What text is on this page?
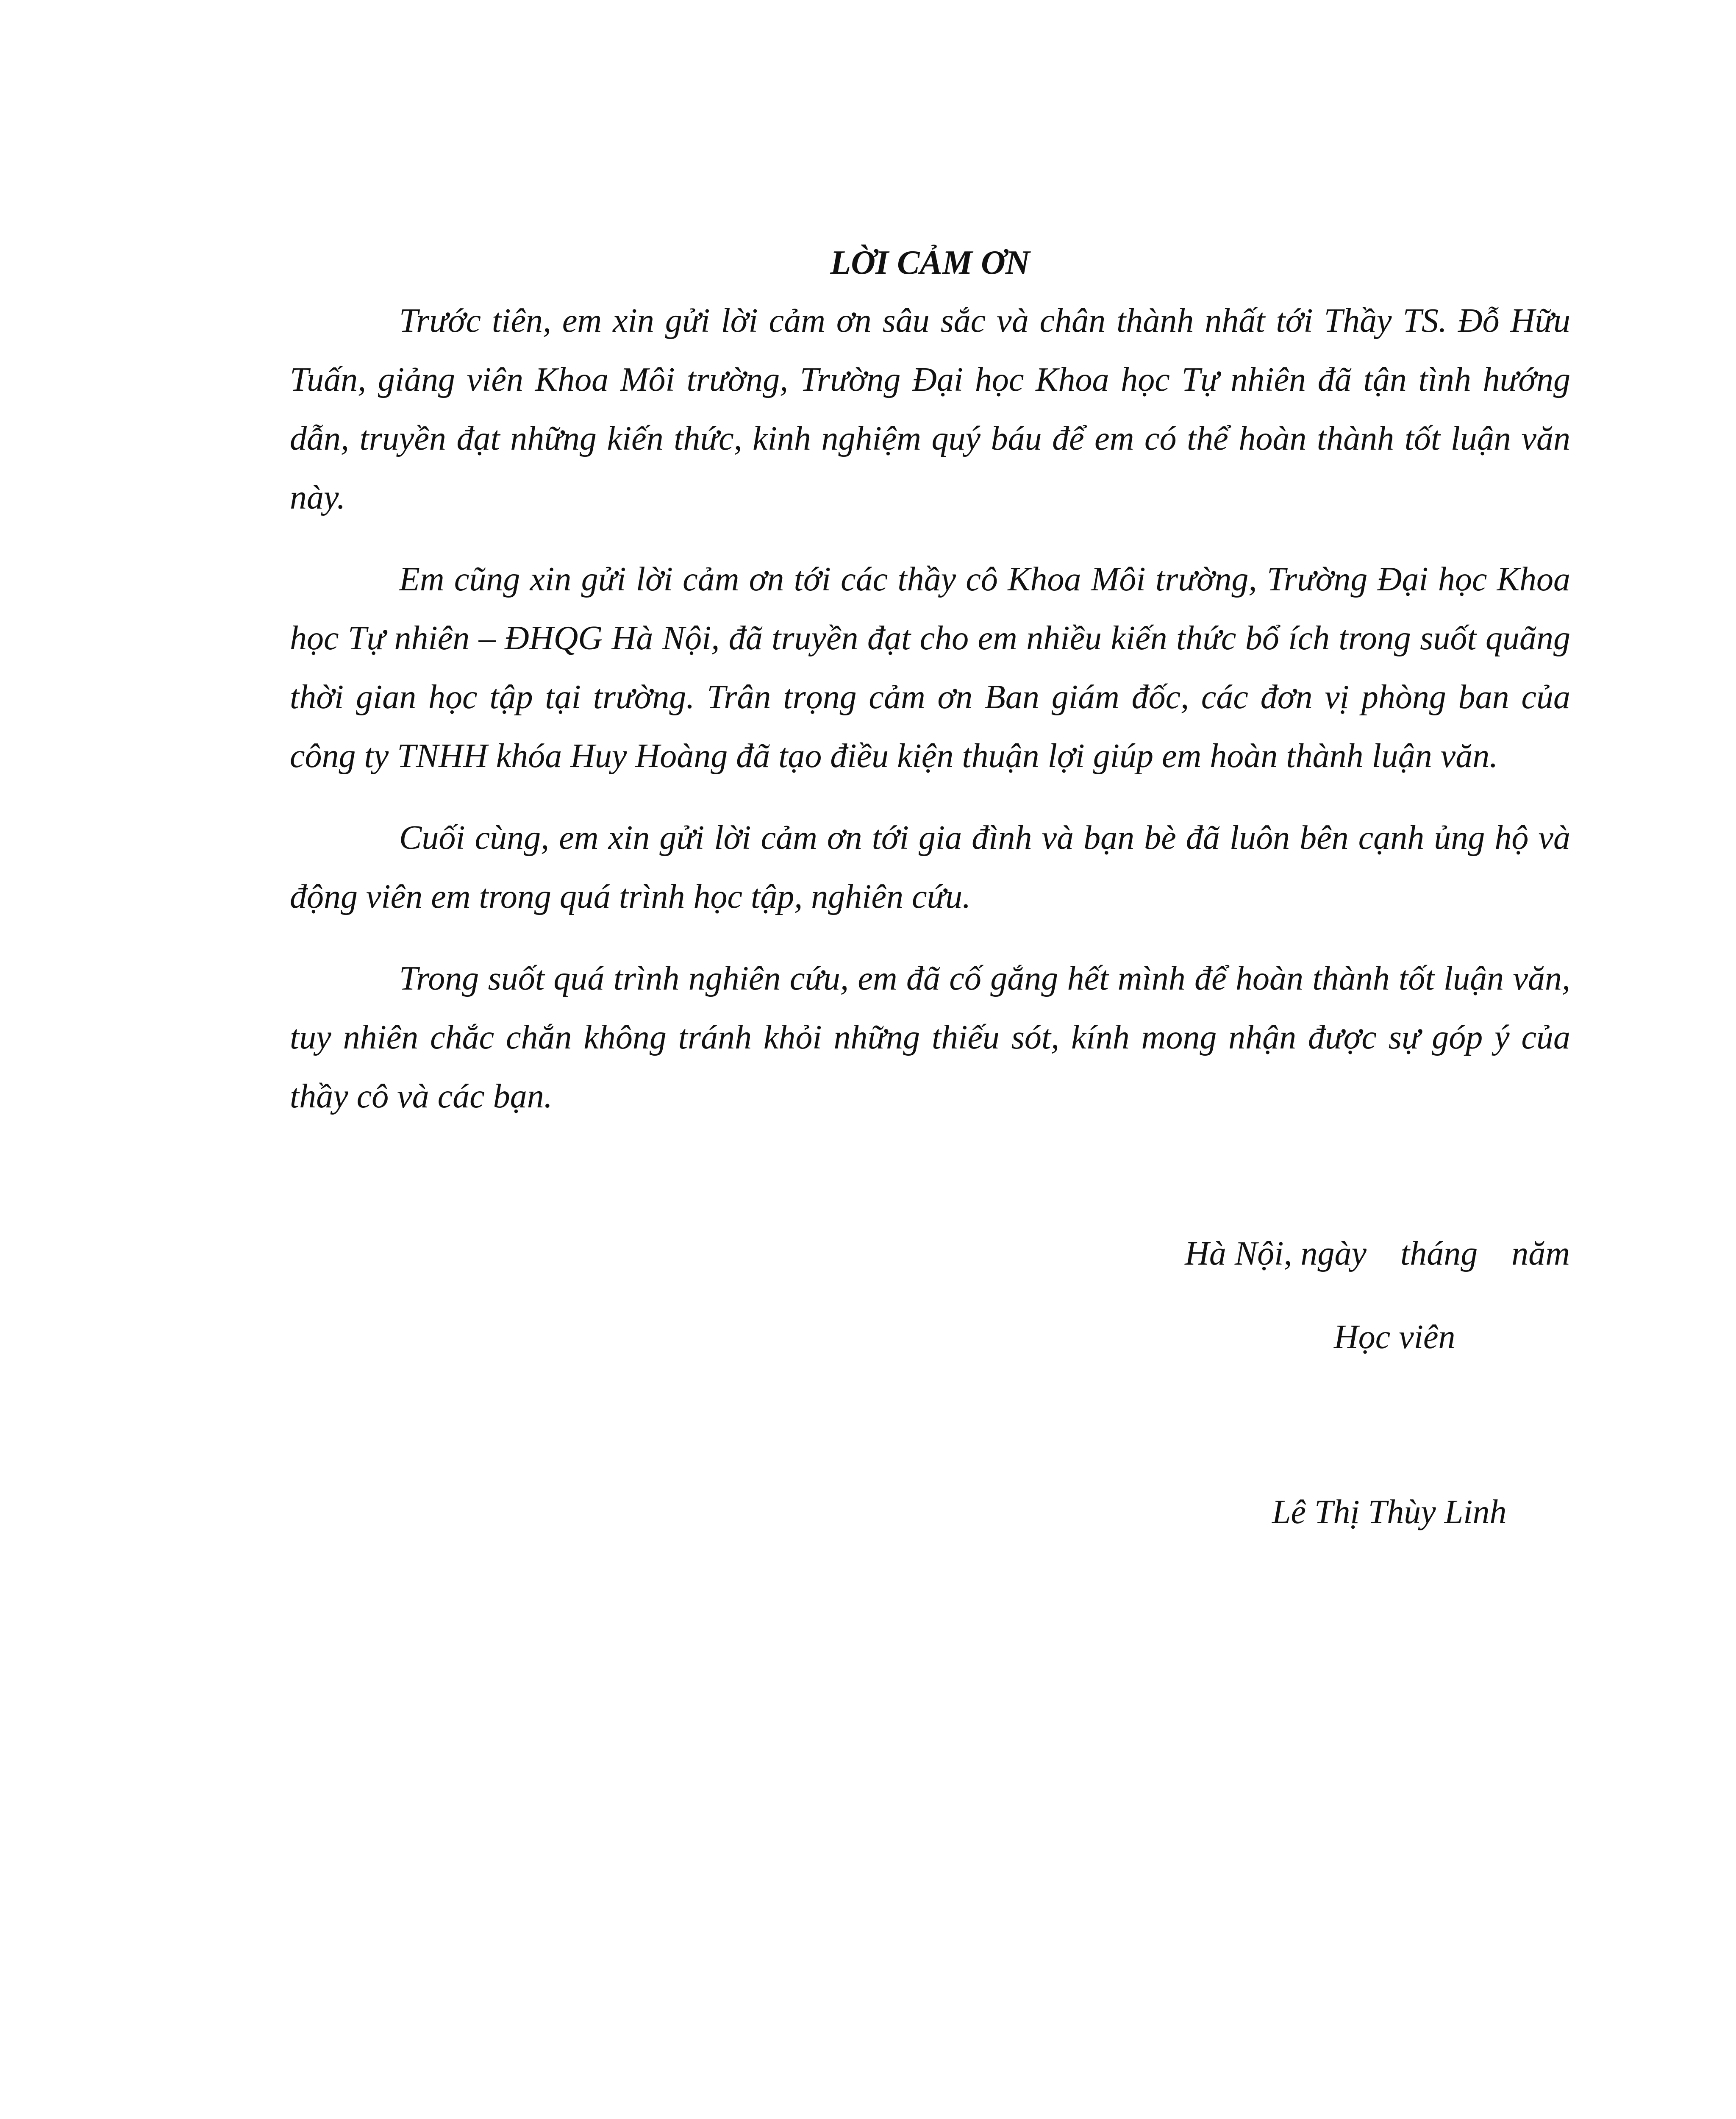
LỜI CẢM ƠN

Trước tiên, em xin gửi lời cảm ơn sâu sắc và chân thành nhất tới Thầy TS. Đỗ Hữu Tuấn, giảng viên Khoa Môi trường, Trường Đại học Khoa học Tự nhiên đã tận tình hướng dẫn, truyền đạt những kiến thức, kinh nghiệm quý báu để em có thể hoàn thành tốt luận văn này.

Em cũng xin gửi lời cảm ơn tới các thầy cô Khoa Môi trường, Trường Đại học Khoa học Tự nhiên – ĐHQG Hà Nội, đã truyền đạt cho em nhiều kiến thức bổ ích trong suốt quãng thời gian học tập tại trường. Trân trọng cảm ơn Ban giám đốc, các đơn vị phòng ban của công ty TNHH khóa Huy Hoàng đã tạo điều kiện thuận lợi giúp em hoàn thành luận văn.

Cuối cùng, em xin gửi lời cảm ơn tới gia đình và bạn bè đã luôn bên cạnh ủng hộ và động viên em trong quá trình học tập, nghiên cứu.

Trong suốt quá trình nghiên cứu, em đã cố gắng hết mình để hoàn thành tốt luận văn, tuy nhiên chắc chắn không tránh khỏi những thiếu sót, kính mong nhận được sự góp ý của thầy cô và các bạn.

Hà Nội, ngày    tháng    năm
Học viên
Lê Thị Thùy Linh
